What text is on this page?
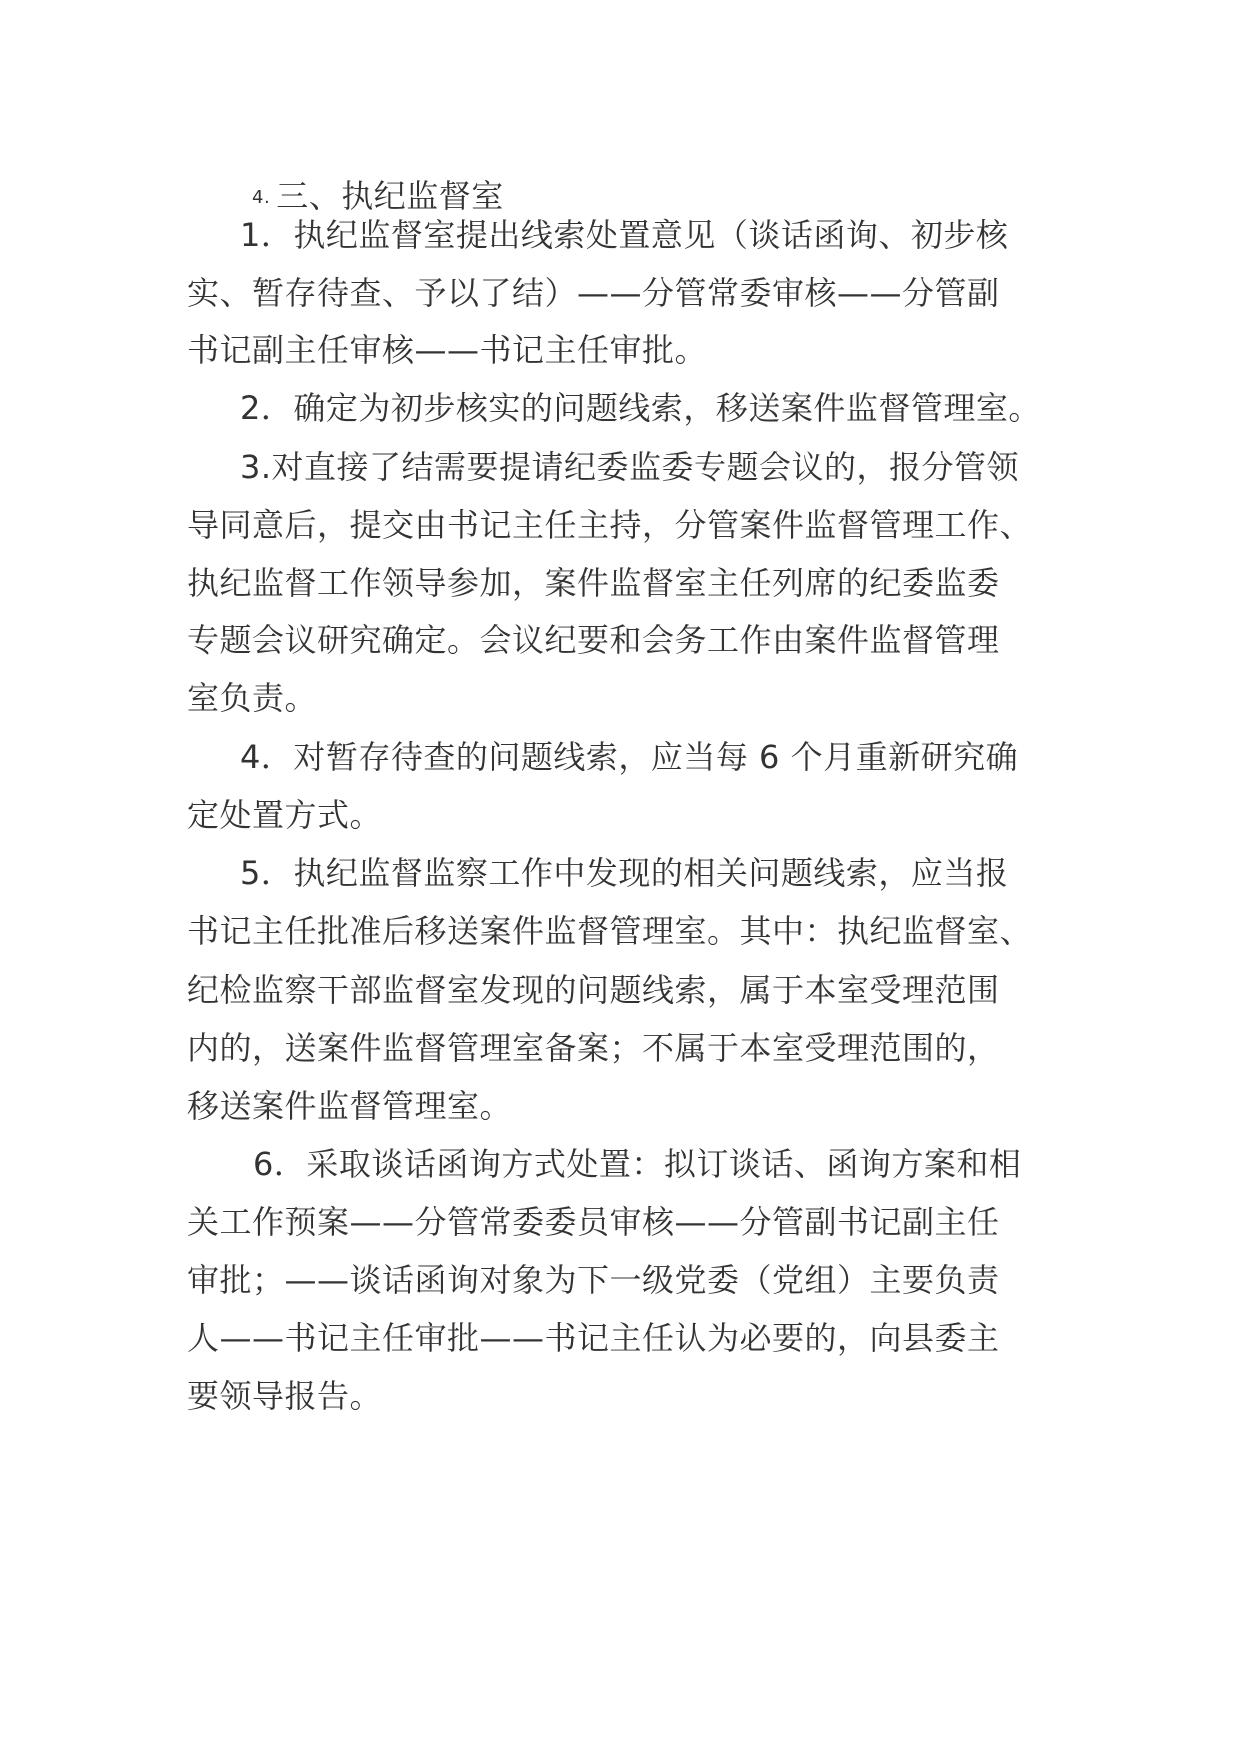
4. 三、执纪监督室
1．执纪监督室提出线索处置意见（谈话函询、初步核
实、暂存待查、予以了结）——分管常委审核——分管副
书记副主任审核——书记主任审批。
2．确定为初步核实的问题线索，移送案件监督管理室。
3.对直接了结需要提请纪委监委专题会议的，报分管领
导同意后，提交由书记主任主持，分管案件监督管理工作、
执纪监督工作领导参加，案件监督室主任列席的纪委监委
专题会议研究确定。会议纪要和会务工作由案件监督管理
室负责。
4．对暂存待查的问题线索，应当每 6 个月重新研究确
定处置方式。
5．执纪监督监察工作中发现的相关问题线索，应当报
书记主任批准后移送案件监督管理室。其中：执纪监督室、
纪检监察干部监督室发现的问题线索，属于本室受理范围
内的，送案件监督管理室备案；不属于本室受理范围的，
移送案件监督管理室。
6．采取谈话函询方式处置：拟订谈话、函询方案和相
关工作预案——分管常委委员审核——分管副书记副主任
审批；——谈话函询对象为下一级党委（党组）主要负责
人——书记主任审批——书记主任认为必要的，向县委主
要领导报告。
